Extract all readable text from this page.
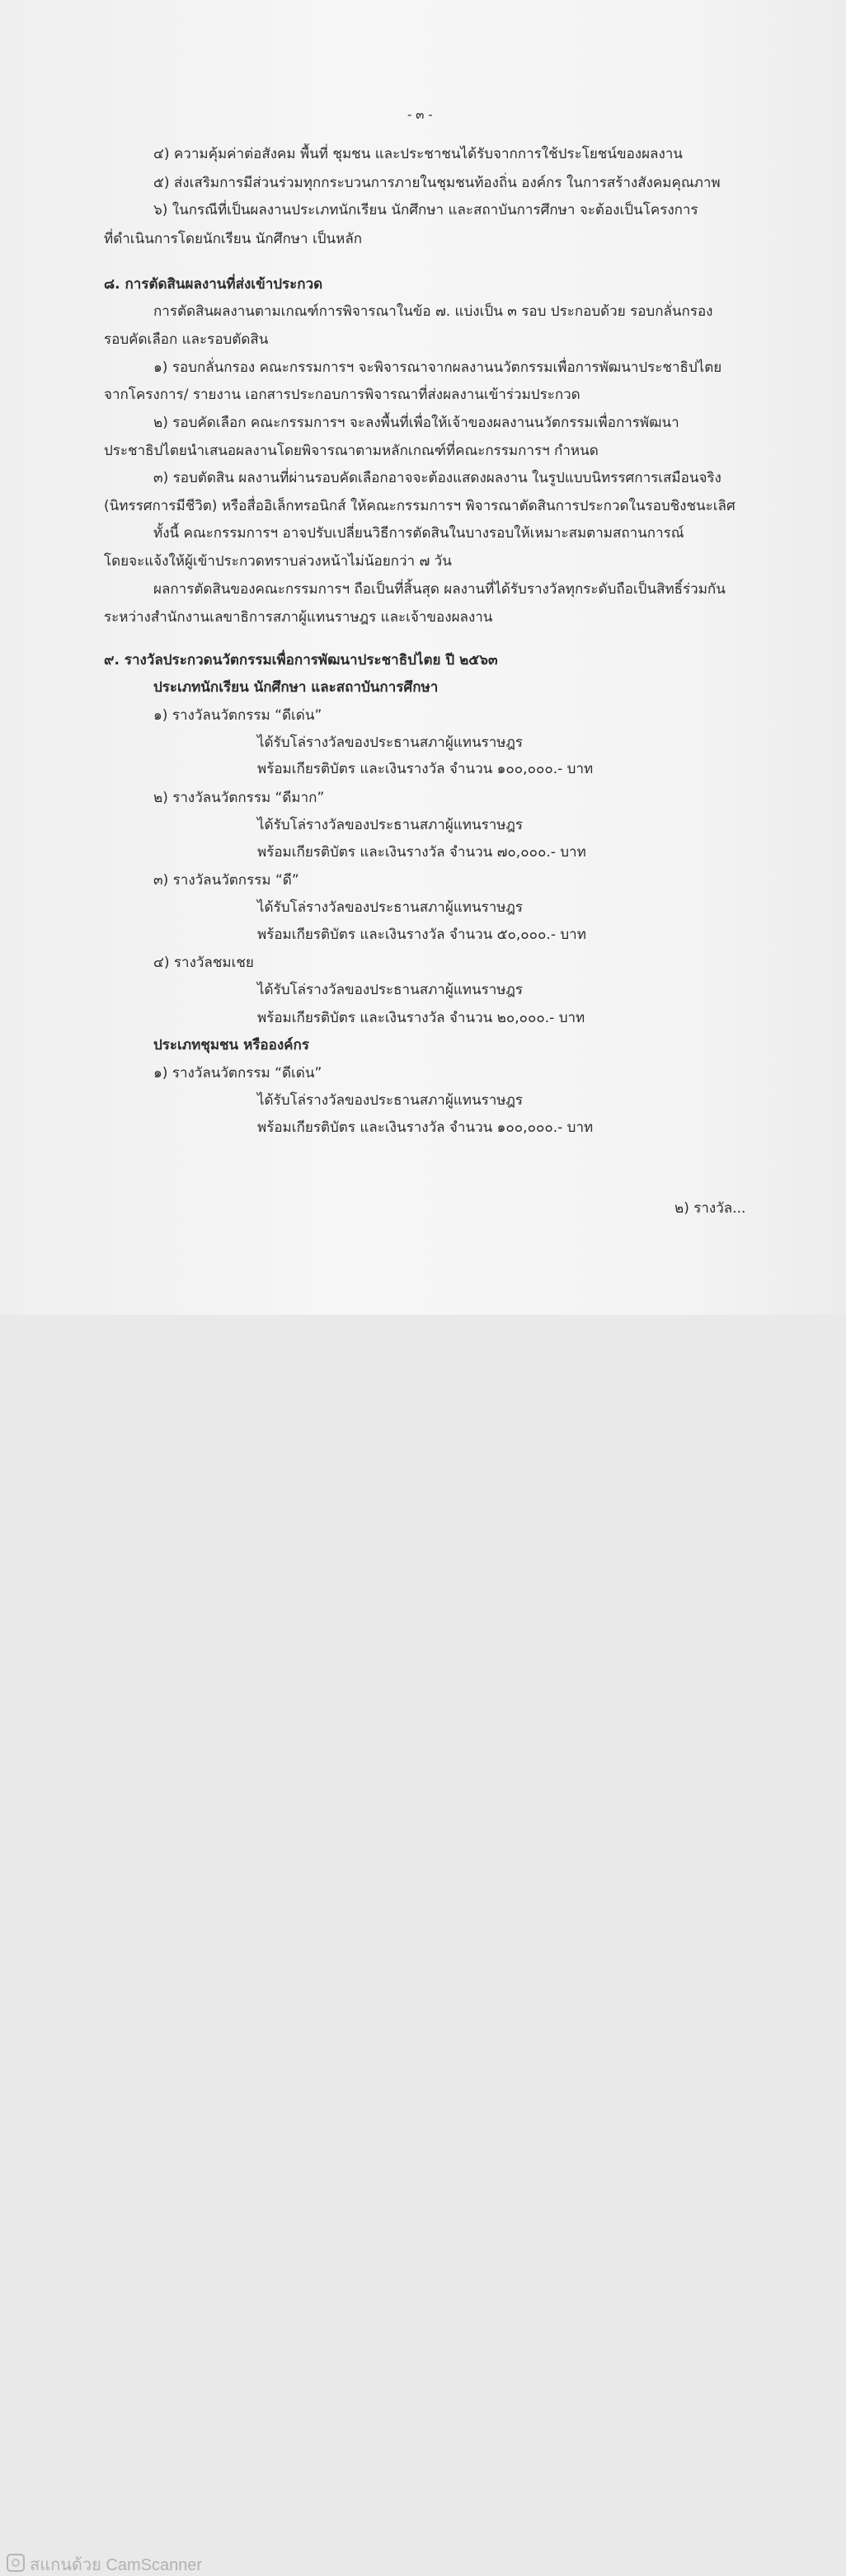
- ๓ -
๔) ความคุ้มค่าต่อสังคม พื้นที่ ชุมชน และประชาชนได้รับจากการใช้ประโยชน์ของผลงาน
๕) ส่งเสริมการมีส่วนร่วมทุกกระบวนการภายในชุมชนท้องถิ่น องค์กร ในการสร้างสังคมคุณภาพ
๖) ในกรณีที่เป็นผลงานประเภทนักเรียน นักศึกษา และสถาบันการศึกษา จะต้องเป็นโครงการ
ที่ดำเนินการโดยนักเรียน นักศึกษา เป็นหลัก
๘. การตัดสินผลงานที่ส่งเข้าประกวด
การตัดสินผลงานตามเกณฑ์การพิจารณาในข้อ ๗. แบ่งเป็น ๓ รอบ ประกอบด้วย รอบกลั่นกรอง
รอบคัดเลือก และรอบตัดสิน
๑) รอบกลั่นกรอง คณะกรรมการฯ จะพิจารณาจากผลงานนวัตกรรมเพื่อการพัฒนาประชาธิปไตย
จากโครงการ/ รายงาน เอกสารประกอบการพิจารณาที่ส่งผลงานเข้าร่วมประกวด
๒) รอบคัดเลือก คณะกรรมการฯ จะลงพื้นที่เพื่อให้เจ้าของผลงานนวัตกรรมเพื่อการพัฒนา
ประชาธิปไตยนำเสนอผลงานโดยพิจารณาตามหลักเกณฑ์ที่คณะกรรมการฯ กำหนด
๓) รอบตัดสิน ผลงานที่ผ่านรอบคัดเลือกอาจจะต้องแสดงผลงาน ในรูปแบบนิทรรศการเสมือนจริง
(นิทรรศการมีชีวิต) หรือสื่ออิเล็กทรอนิกส์ ให้คณะกรรมการฯ พิจารณาตัดสินการประกวดในรอบชิงชนะเลิศ
ทั้งนี้ คณะกรรมการฯ อาจปรับเปลี่ยนวิธีการตัดสินในบางรอบให้เหมาะสมตามสถานการณ์
โดยจะแจ้งให้ผู้เข้าประกวดทราบล่วงหน้าไม่น้อยกว่า ๗ วัน
ผลการตัดสินของคณะกรรมการฯ ถือเป็นที่สิ้นสุด ผลงานที่ได้รับรางวัลทุกระดับถือเป็นสิทธิ์ร่วมกัน
ระหว่างสำนักงานเลขาธิการสภาผู้แทนราษฎร และเจ้าของผลงาน
๙. รางวัลประกวดนวัตกรรมเพื่อการพัฒนาประชาธิปไตย ปี ๒๕๖๓
ประเภทนักเรียน นักศึกษา และสถาบันการศึกษา
๑) รางวัลนวัตกรรม “ดีเด่น”
ได้รับโล่รางวัลของประธานสภาผู้แทนราษฎร
พร้อมเกียรติบัตร และเงินรางวัล จำนวน ๑๐๐,๐๐๐.- บาท
๒) รางวัลนวัตกรรม “ดีมาก”
ได้รับโล่รางวัลของประธานสภาผู้แทนราษฎร
พร้อมเกียรติบัตร และเงินรางวัล จำนวน ๗๐,๐๐๐.- บาท
๓) รางวัลนวัตกรรม “ดี”
ได้รับโล่รางวัลของประธานสภาผู้แทนราษฎร
พร้อมเกียรติบัตร และเงินรางวัล จำนวน ๕๐,๐๐๐.- บาท
๔) รางวัลชมเชย
ได้รับโล่รางวัลของประธานสภาผู้แทนราษฎร
พร้อมเกียรติบัตร และเงินรางวัล จำนวน ๒๐,๐๐๐.- บาท
ประเภทชุมชน หรือองค์กร
๑) รางวัลนวัตกรรม “ดีเด่น”
ได้รับโล่รางวัลของประธานสภาผู้แทนราษฎร
พร้อมเกียรติบัตร และเงินรางวัล จำนวน ๑๐๐,๐๐๐.- บาท
๒) รางวัล...
สแกนด้วย CamScanner
